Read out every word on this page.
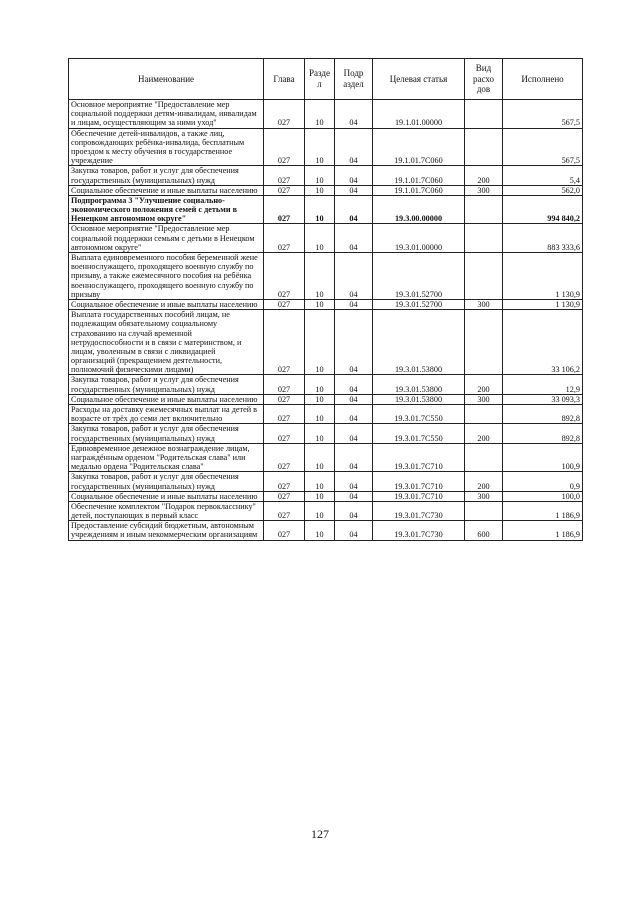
Наименование	Глава	Разде л	Подр аздел	Целевая статья	Вид расхо дов	Исполнено
Основное мероприятие "Предоставление мер социальной поддержки детям-инвалидам, инвалидам и лицам, осуществляющим за ними уход"	027	10	04	19.1.01.00000		567,5
Обеспечение детей-инвалидов, а также лиц, сопровождающих ребёнка-инвалида, бесплатным проездом к месту обучения в государственное учреждение	027	10	04	19.1.01.7С060		567,5
Закупка товаров, работ и услуг для обеспечения государственных (муниципальных) нужд	027	10	04	19.1.01.7С060	200	5,4
Социальное обеспечение и иные выплаты населению	027	10	04	19.1.01.7С060	300	562,0
Подпрограмма 3 "Улучшение социально-экономического положения семей с детьми в Ненецком автономном округе"	027	10	04	19.3.00.00000		994 840,2
Основное мероприятие "Предоставление мер социальной поддержки семьям с детьми в Ненецком автономном округе"	027	10	04	19.3.01.00000		883 333,6
Выплата единовременного пособия беременной жене военнослужащего, проходящего военную службу по призыву, а также ежемесячного пособия на ребёнка военнослужащего, проходящего военную службу по призыву	027	10	04	19.3.01.52700		1 130,9
Социальное обеспечение и иные выплаты населению	027	10	04	19.3.01.52700	300	1 130,9
Выплата государственных пособий лицам, не подлежащим обязательному социальному страхованию на случай временной нетрудоспособности и в связи с материнством, и лицам, уволенным в связи с ликвидацией организаций (прекращением деятельности, полномочий физическими лицами)	027	10	04	19.3.01.53800		33 106,2
Закупка товаров, работ и услуг для обеспечения государственных (муниципальных) нужд	027	10	04	19.3.01.53800	200	12,9
Социальное обеспечение и иные выплаты населению	027	10	04	19.3.01.53800	300	33 093,3
Расходы на доставку ежемесячных выплат на детей в возрасте от трёх до семи лет включительно	027	10	04	19.3.01.7С550		892,8
Закупка товаров, работ и услуг для обеспечения государственных (муниципальных) нужд	027	10	04	19.3.01.7С550	200	892,8
Единовременное денежное вознаграждение лицам, награждённым орденом "Родительская слава" или медалью ордена "Родительская слава"	027	10	04	19.3.01.7С710		100,9
Закупка товаров, работ и услуг для обеспечения государственных (муниципальных) нужд	027	10	04	19.3.01.7С710	200	0,9
Социальное обеспечение и иные выплаты населению	027	10	04	19.3.01.7С710	300	100,0
Обеспечение комплектом "Подарок первокласснику" детей, поступающих в первый класс	027	10	04	19.3.01.7С730		1 186,9
Предоставление субсидий бюджетным, автономным учреждениям и иным некоммерческим организациям	027	10	04	19.3.01.7С730	600	1 186,9
127
